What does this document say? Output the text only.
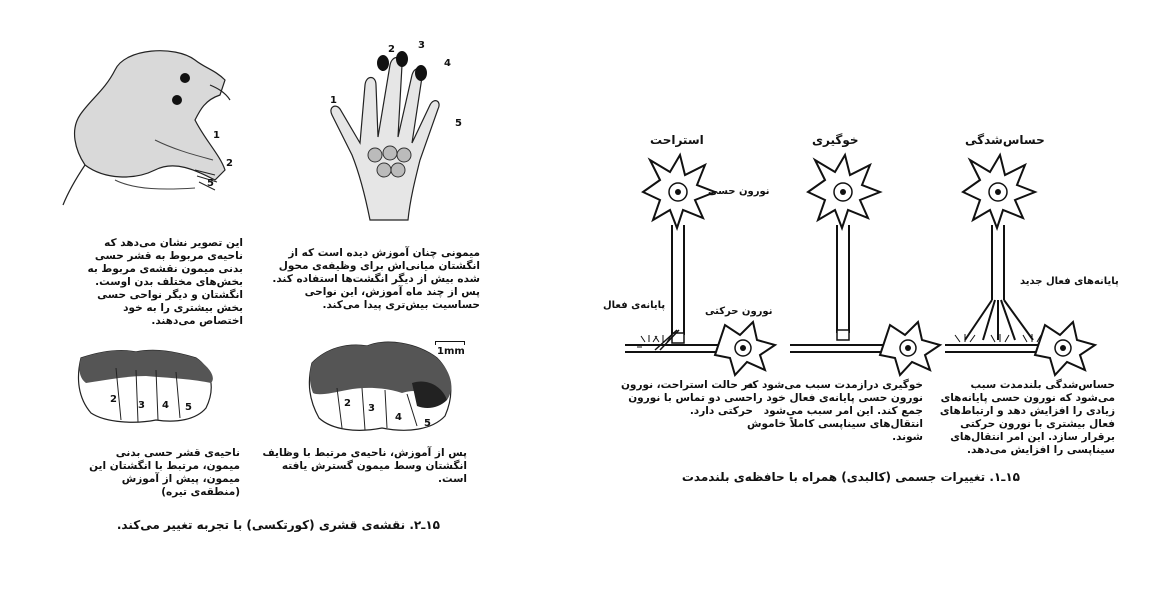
1
2
5
1
2 3
4
5
این تصویر نشان می‌دهد که ناحیه‌ی مربوط به قشر حسی بدنی میمون نقشه‌ی مربوط به بخش‌های مختلف بدن اوست. انگشتان و دیگر نواحی حسی بخش بیشتری را به خود اختصاص می‌دهند.
میمونی چنان آموزش دیده است که از انگشتان میانی‌اش برای وظیفه‌ی محول شده بیش از دیگر انگشت‌ها استفاده کند. پس از چند ماه آموزش، این نواحی حساسیت بیش‌تری پیدا می‌کند.
2
3 4 5
1mm
2 3
4
5
ناحیه‌ی قشر حسی بدنی میمون، مرتبط با انگشتان این میمون، پیش از آموزش (منطقه‌ی تیره)
پس از آموزش، ناحیه‌ی مرتبط با وظایف انگشتان وسط میمون گسترش یافته است.
۱۵ـ۲. نقشه‌ی قشری (کورتکسی) با تجربه تغییر می‌کند.
استراحت	خوگیری	حساس‌شدگی
نورون حسی
نورون حرکتی
پایانه‌ی فعال
پایانه‌های فعال جدید
در حالت استراحت، نورون حسی دو تماس با نورون حرکتی دارد.
خوگیری درازمدت سبب می‌شود که نورون حسی پایانه‌ی فعال خود را جمع کند. این امر سبب می‌شود انتقال‌های سیناپسی کاملاً خاموش شوند.
حساس‌شدگی بلندمدت سبب می‌شود که نورون حسی پایانه‌های زیادی را افزایش دهد و ارتباط‌های فعال بیشتری با نورون حرکتی برقرار سازد. این امر انتقال‌های سیناپسی را افزایش می‌دهد.
۱۵ـ۱. تغییرات جسمی (کالبدی) همراه با حافظه‌ی بلندمدت
